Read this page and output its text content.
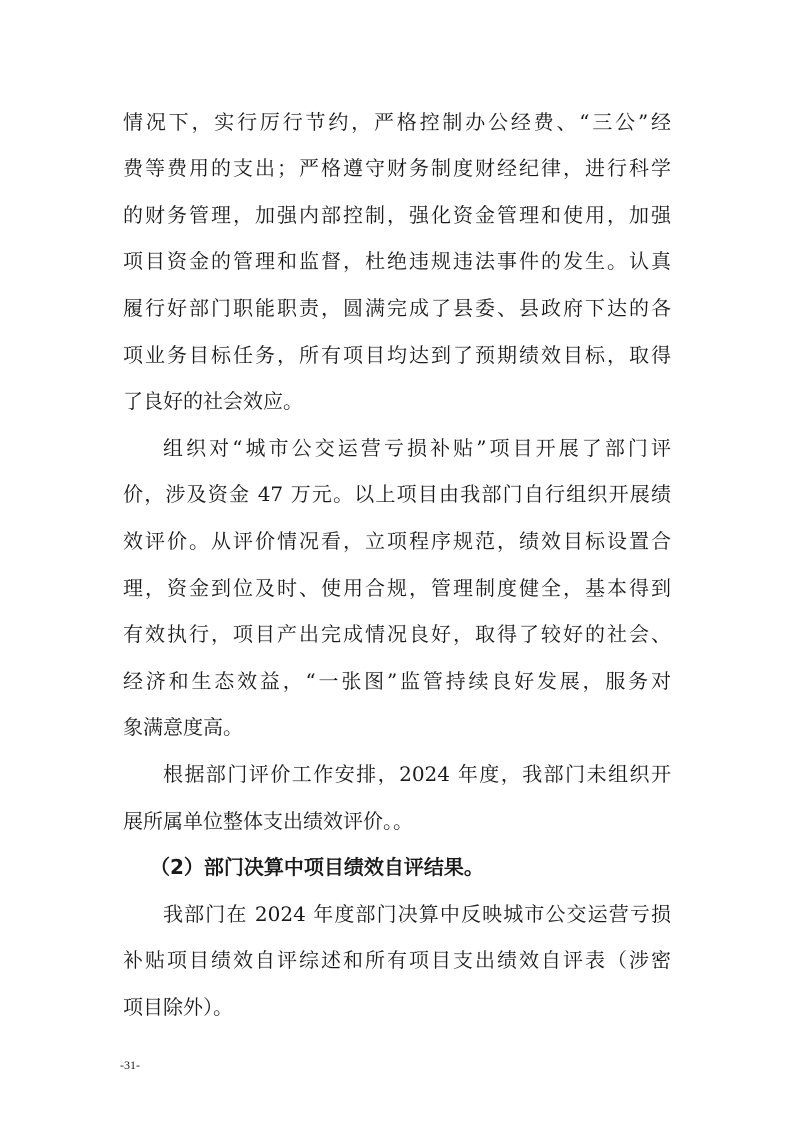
情况下，实行厉行节约，严格控制办公经费、“三公”经
费等费用的支出；严格遵守财务制度财经纪律，进行科学
的财务管理，加强内部控制，强化资金管理和使用，加强
项目资金的管理和监督，杜绝违规违法事件的发生。认真
履行好部门职能职责，圆满完成了县委、县政府下达的各
项业务目标任务，所有项目均达到了预期绩效目标，取得
了良好的社会效应。
组织对“城市公交运营亏损补贴”项目开展了部门评
价，涉及资金 47 万元。以上项目由我部门自行组织开展绩
效评价。从评价情况看，立项程序规范，绩效目标设置合
理，资金到位及时、使用合规，管理制度健全，基本得到
有效执行，项目产出完成情况良好，取得了较好的社会、
经济和生态效益，“一张图”监管持续良好发展，服务对
象满意度高。
根据部门评价工作安排，2024 年度，我部门未组织开
展所属单位整体支出绩效评价。。
（2）部门决算中项目绩效自评结果。
我部门在 2024 年度部门决算中反映城市公交运营亏损
补贴项目绩效自评综述和所有项目支出绩效自评表（涉密
项目除外）。
-31-
